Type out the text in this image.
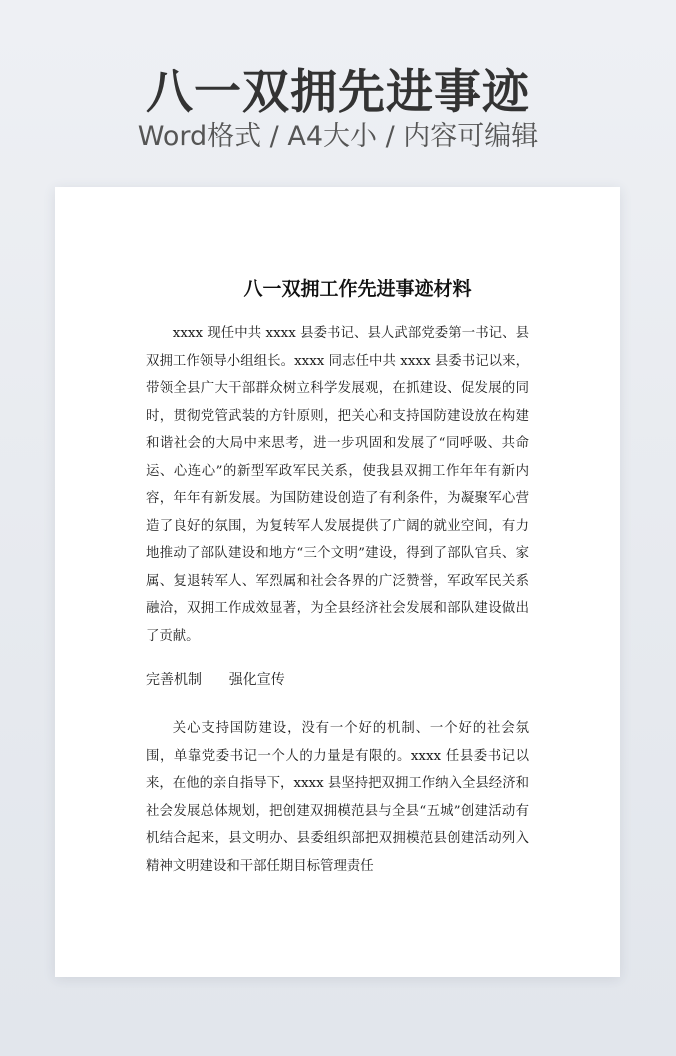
八一双拥先进事迹
Word格式 / A4大小 / 内容可编辑
八一双拥工作先进事迹材料

xxxx 现任中共 xxxx 县委书记、县人武部党委第一书记、县双拥工作领导小组组长。xxxx 同志任中共 xxxx 县委书记以来，带领全县广大干部群众树立科学发展观，在抓建设、促发展的同时，贯彻党管武装的方针原则，把关心和支持国防建设放在构建和谐社会的大局中来思考，进一步巩固和发展了“同呼吸、共命运、心连心”的新型军政军民关系，使我县双拥工作年年有新内容，年年有新发展。为国防建设创造了有利条件，为凝聚军心营造了良好的氛围，为复转军人发展提供了广阔的就业空间，有力地推动了部队建设和地方“三个文明”建设，得到了部队官兵、家属、复退转军人、军烈属和社会各界的广泛赞誉，军政军民关系融洽，双拥工作成效显著，为全县经济社会发展和部队建设做出了贡献。

完善机制      强化宣传

关心支持国防建设，没有一个好的机制、一个好的社会氛围，单靠党委书记一个人的力量是有限的。xxxx 任县委书记以来，在他的亲自指导下，xxxx 县坚持把双拥工作纳入全县经济和社会发展总体规划，把创建双拥模范县与全县“五城”创建活动有机结合起来，县文明办、县委组织部把双拥模范县创建活动列入精神文明建设和干部任期目标管理责任
